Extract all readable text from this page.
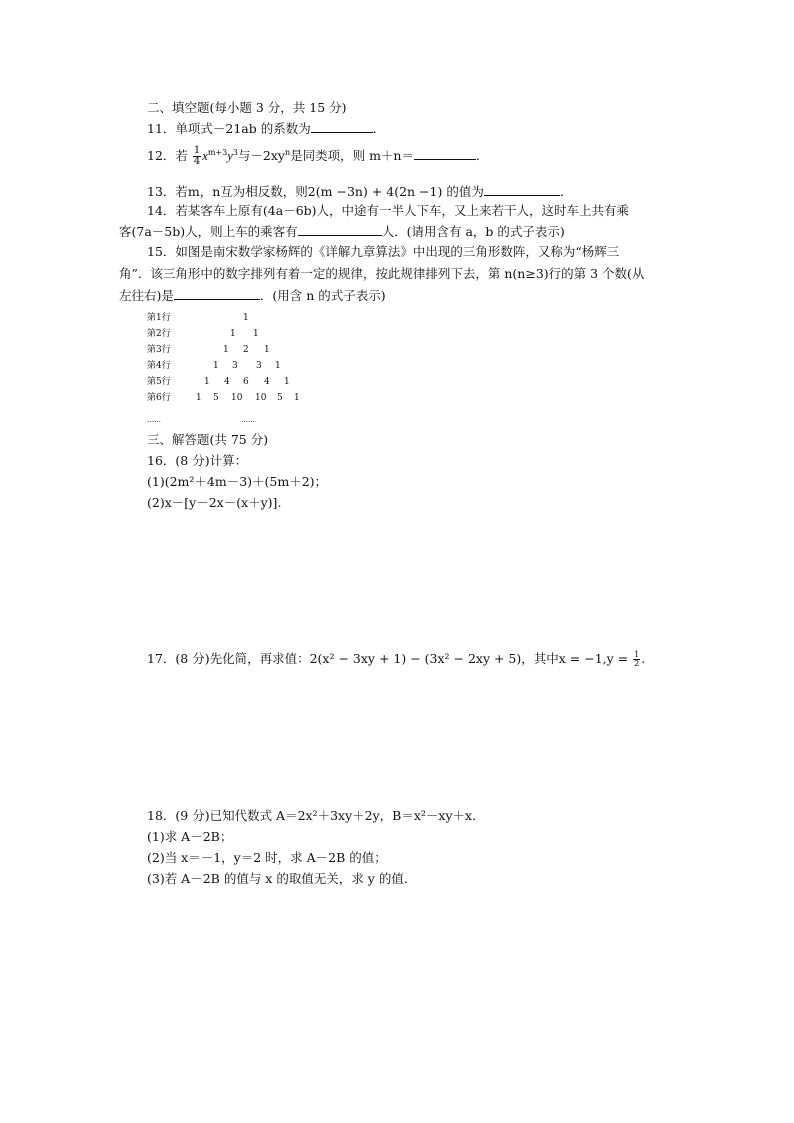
二、填空题(每小题 3 分，共 15 分)
11．单项式－21ab 的系数为	．
12．若 $\frac{1}{4} x^{m+3}y^3$与$-2xy^n$是同类项，则 m＋n＝	．
13．若m，n互为相反数，则2(m −3n) + 4(2n −1) 的值为	．
14．若某客车上原有(4a－6b)人，中途有一半人下车，又上来若干人，这时车上共有乘
客(7a－5b)人，则上车的乘客有	人．(请用含有 a，b 的式子表示)
15．如图是南宋数学家杨辉的《详解九章算法》中出现的三角形数阵，又称为“杨辉三
角”．该三角形中的数字排列有着一定的规律，按此规律排列下去，第 n(n≥3)行的第 3 个数(从
左往右)是	．(用含 n 的式子表示)
第1行	1
第2行	1 1
第3行	1 2 1
第4行	1 3 3 1
第5行	1 4 6 4 1
第6行	1 5 10 10 5 1
……	……
三、解答题(共 75 分)
16．(8 分)计算：
(1)(2m²＋4m－3)＋(5m＋2)；
(2)x－[y－2x－(x＋y)].
17．(8 分)先化简，再求值：2(x² − 3xy + 1) − (3x² − 2xy + 5)，其中$x = -1,y = \frac{1}{2}$ .
18．(9 分)已知代数式 A＝2x²＋3xy＋2y，B＝x²－xy＋x．
(1)求 A－2B；
(2)当 x＝－1，y＝2 时，求 A－2B 的值；
(3)若 A－2B 的值与 x 的取值无关，求 y 的值．
